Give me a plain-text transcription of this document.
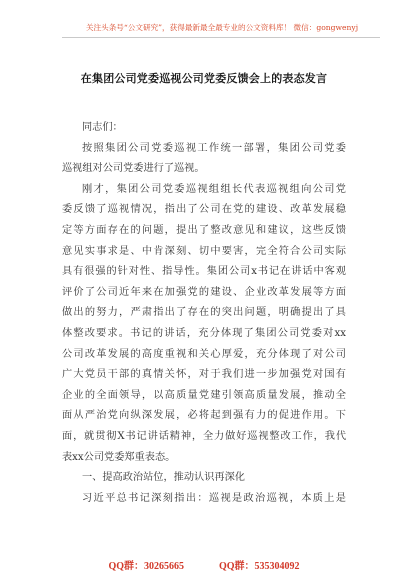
关注头条号“公文研究”，获得最新最全最专业的公文资料库！ 微信：gongwenyj
在集团公司党委巡视公司党委反馈会上的表态发言
同志们：
按照集团公司党委巡视工作统一部署，集团公司党委
巡视组对公司党委进行了巡视。
刚才，集团公司党委巡视组组长代表巡视组向公司党
委反馈了巡视情况，指出了公司在党的建设、改革发展稳
定等方面存在的问题，提出了整改意见和建议，这些反馈
意见实事求是、中肯深刻、切中要害，完全符合公司实际
具有很强的针对性、指导性。集团公司x书记在讲话中客观
评价了公司近年来在加强党的建设、企业改革发展等方面
做出的努力，严肃指出了存在的突出问题，明确提出了具
体整改要求。书记的讲话，充分体现了集团公司党委对xx
公司改革发展的高度重视和关心厚爱，充分体现了对公司
广大党员干部的真情关怀，对于我们进一步加强党对国有
企业的全面领导，以高质量党建引领高质量发展，推动全
面从严治党向纵深发展，必将起到强有力的促进作用。下
面，就贯彻X书记讲话精神，全力做好巡视整改工作，我代
表xx公司党委郑重表态。
一、提高政治站位，推动认识再深化
习近平总书记深刻指出：巡视是政治巡视，本质上是
QQ群：30265665	QQ群：535304092
